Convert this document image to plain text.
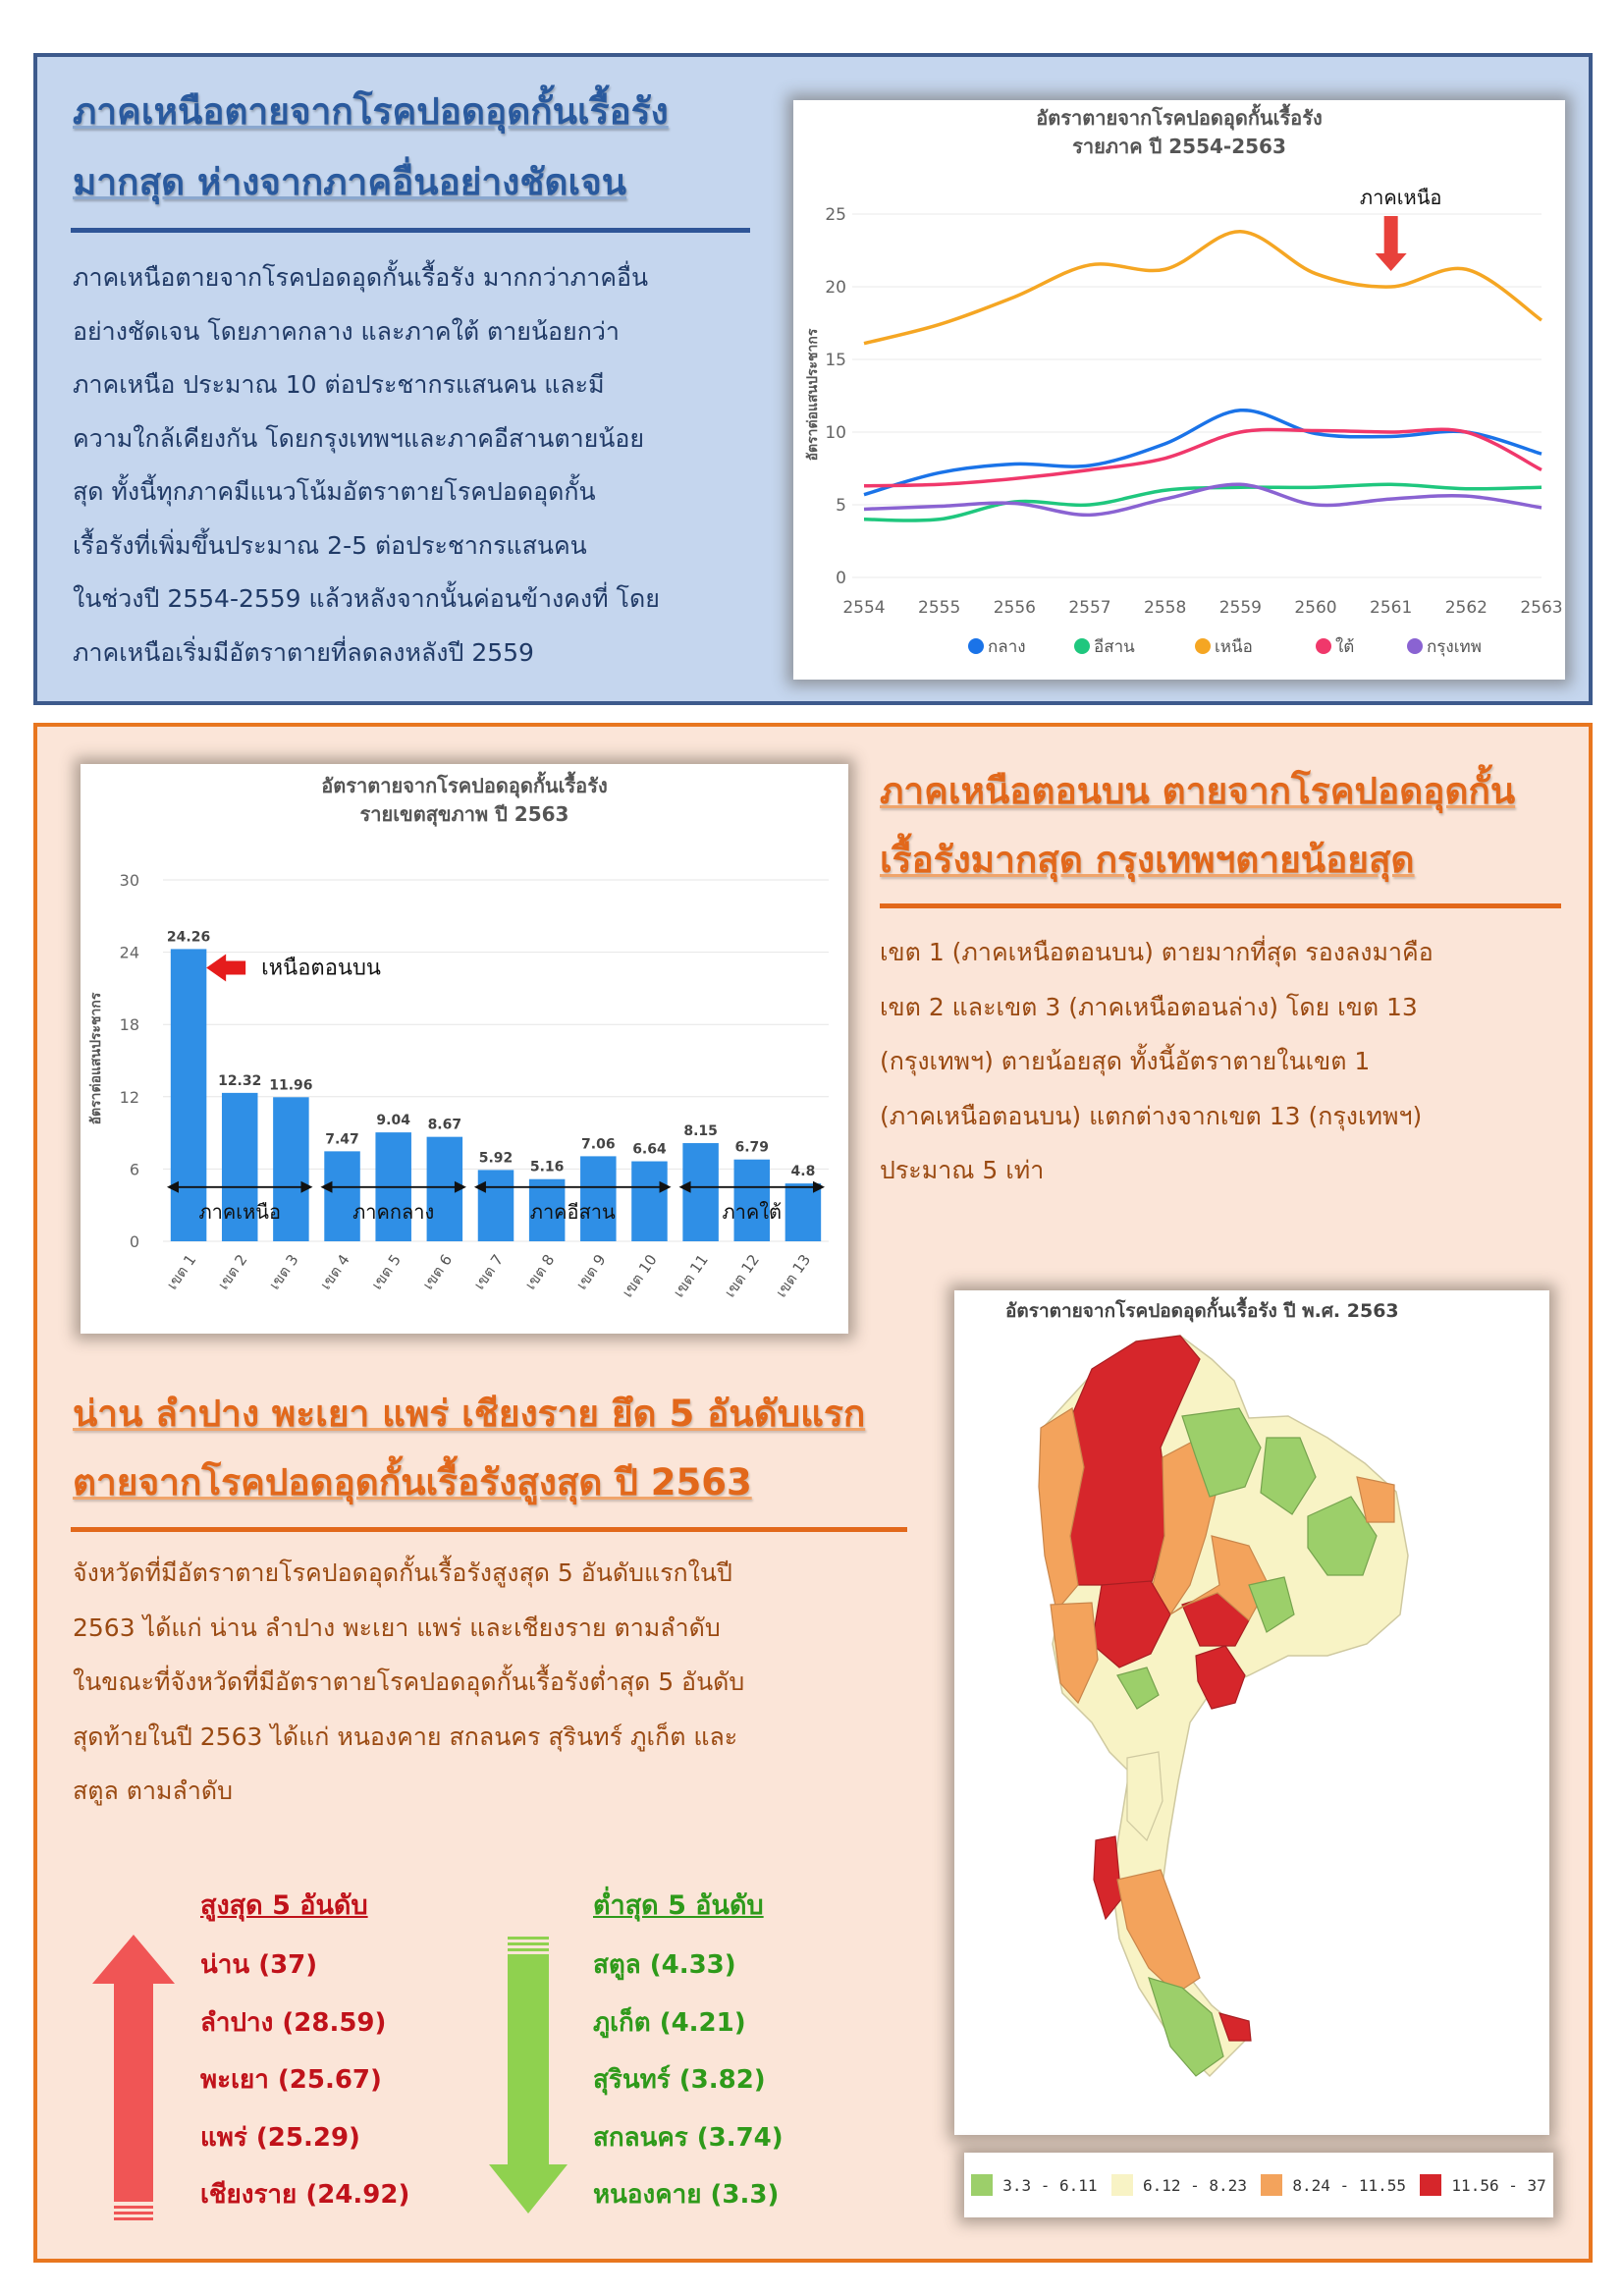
ภาคเหนือตายจากโรคปอดอุดกั้นเรื้อรัง
มากสุด ห่างจากภาคอื่นอย่างชัดเจน
ภาคเหนือตายจากโรคปอดอุดกั้นเรื้อรัง มากกว่าภาคอื่น
อย่างชัดเจน โดยภาคกลาง และภาคใต้ ตายน้อยกว่า
ภาคเหนือ ประมาณ 10 ต่อประชากรแสนคน และมี
ความใกล้เคียงกัน โดยกรุงเทพฯและภาคอีสานตายน้อย
สุด ทั้งนี้ทุกภาคมีแนวโน้มอัตราตายโรคปอดอุดกั้น
เรื้อรังที่เพิ่มขึ้นประมาณ 2-5 ต่อประชากรแสนคน
ในช่วงปี 2554-2559 แล้วหลังจากนั้นค่อนข้างคงที่ โดย
ภาคเหนือเริ่มมีอัตราตายที่ลดลงหลังปี 2559
อัตราตายจากโรคปอดอุดกั้นเรื้อรัง
รายภาค ปี 2554-2563
0
5
10
15
20
25
2554 2555 2556 2557 2558 2559 2560 2561 2562 2563
อัตราต่อแสนประชากร
ภาคเหนือ
กลาง	อีสาน	เหนือ	ใต้	กรุงเทพ
อัตราตายจากโรคปอดอุดกั้นเรื้อรัง
รายเขตสุขภาพ ปี 2563
0
6
12
18
24
30
อัตราต่อแสนประชากร
24.26
เขต 1
12.32
เขต 2
11.96
เขต 3
7.47
เขต 4
9.04
เขต 5
8.67
เขต 6
5.92
เขต 7
5.16
เขต 8
7.06
เขต 9
6.64
เขต 10
8.15
เขต 11
6.79
เขต 12
4.8
เขต 13
ภาคเหนือ	ภาคกลาง	ภาคอีสาน	ภาคใต้
เหนือตอนบน
ภาคเหนือตอนบน ตายจากโรคปอดอุดกั้น
เรื้อรังมากสุด กรุงเทพฯตายน้อยสุด
เขต 1 (ภาคเหนือตอนบน) ตายมากที่สุด รองลงมาคือ
เขต 2 และเขต 3 (ภาคเหนือตอนล่าง) โดย เขต 13
(กรุงเทพฯ) ตายน้อยสุด ทั้งนี้อัตราตายในเขต 1
(ภาคเหนือตอนบน) แตกต่างจากเขต 13 (กรุงเทพฯ)
ประมาณ 5 เท่า
น่าน ลำปาง พะเยา แพร่ เชียงราย ยึด 5 อันดับแรก
ตายจากโรคปอดอุดกั้นเรื้อรังสูงสุด ปี 2563
จังหวัดที่มีอัตราตายโรคปอดอุดกั้นเรื้อรังสูงสุด 5 อันดับแรกในปี
2563 ได้แก่ น่าน ลำปาง พะเยา แพร่ และเชียงราย ตามลำดับ
ในขณะที่จังหวัดที่มีอัตราตายโรคปอดอุดกั้นเรื้อรังต่ำสุด 5 อันดับ
สุดท้ายในปี 2563 ได้แก่ หนองคาย สกลนคร สุรินทร์ ภูเก็ต และ
สตูล ตามลำดับ
สูงสุด 5 อันดับ
น่าน (37)
ลำปาง (28.59)
พะเยา (25.67)
แพร่ (25.29)
เชียงราย (24.92)
ต่ำสุด 5 อันดับ
สตูล (4.33)
ภูเก็ต (4.21)
สุรินทร์ (3.82)
สกลนคร (3.74)
หนองคาย (3.3)
อัตราตายจากโรคปอดอุดกั้นเรื้อรัง ปี พ.ศ. 2563
3.3 - 6.11	6.12 - 8.23	8.24 - 11.55	11.56 - 37
